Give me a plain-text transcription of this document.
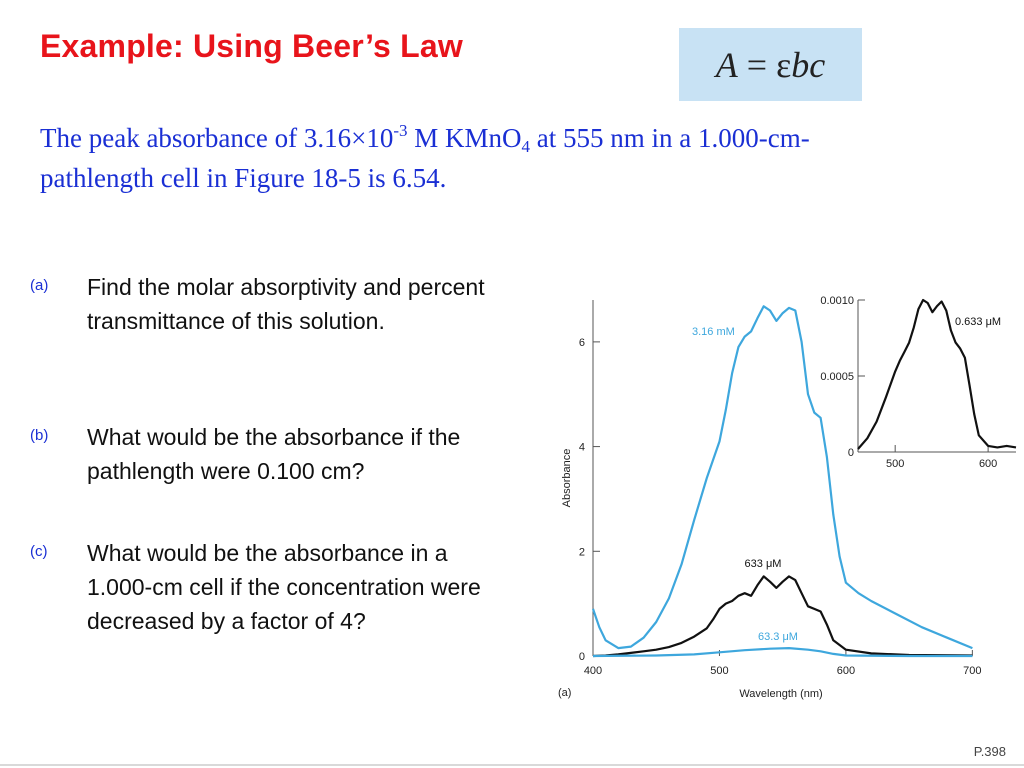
Example: Using Beer’s Law	A = εbc
The peak absorbance of $3.16\times 10^{-3}$ M KMnO$_4$ at 555 nm in a 1.000-cm-pathlength cell in Figure 18-5 is 6.54.
(a)	Find the molar absorptivity and percent transmittance of this solution.
(b)	What would be the absorbance if the pathlength were 0.100 cm?
(c)	What would be the absorbance in a 1.000-cm cell if the concentration were decreased by a factor of 4?
0
2
4
6
400	500	600	700
Wavelength (nm)
Absorbance
(a)
3.16 mM
633 μM
63.3 μM
0
0.0005
0.0010
500	600
0.633 μM
P.398
